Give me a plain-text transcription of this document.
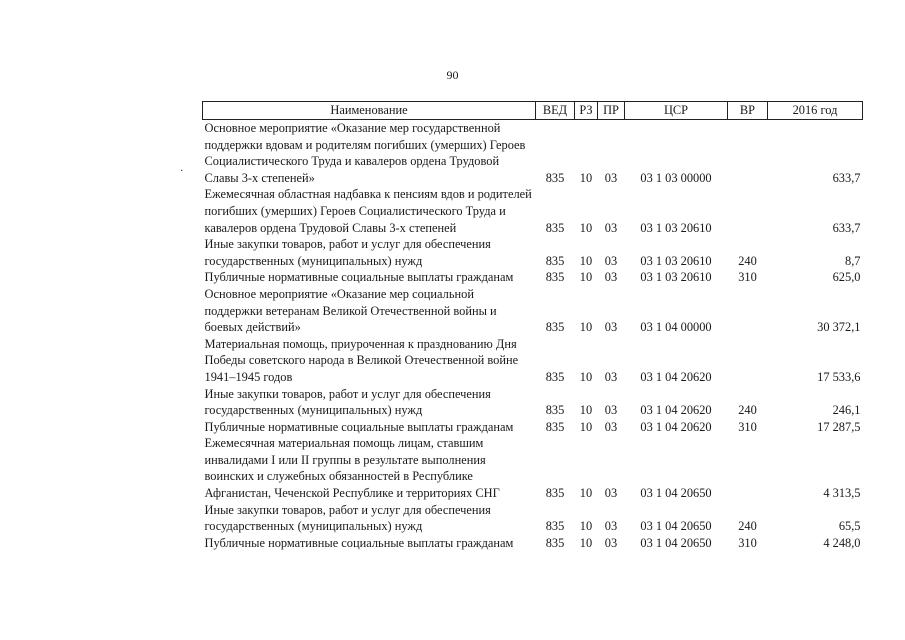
90
·
Наименование	ВЕД	РЗ	ПР	ЦСР	ВР	2016 год
Основное мероприятие «Оказание мер государственной поддержки вдовам и родителям погибших (умерших) Героев Социалистического Труда и кавалеров ордена Трудовой Славы 3-х степеней»	835	10	03	03 1 03 00000		633,7
Ежемесячная областная надбавка к пенсиям вдов и родителей погибших (умерших) Героев Социалистического Труда и кавалеров ордена Трудовой Славы 3-х степеней	835	10	03	03 1 03 20610		633,7
Иные закупки товаров, работ и услуг для обеспечения государственных (муниципальных) нужд	835	10	03	03 1 03 20610	240	8,7
Публичные нормативные социальные выплаты гражданам	835	10	03	03 1 03 20610	310	625,0
Основное мероприятие «Оказание мер социальной поддержки ветеранам Великой Отечественной войны и боевых действий»	835	10	03	03 1 04 00000		30 372,1
Материальная помощь, приуроченная к празднованию Дня Победы советского народа в Великой Отечественной войне 1941–1945 годов	835	10	03	03 1 04 20620		17 533,6
Иные закупки товаров, работ и услуг для обеспечения государственных (муниципальных) нужд	835	10	03	03 1 04 20620	240	246,1
Публичные нормативные социальные выплаты гражданам	835	10	03	03 1 04 20620	310	17 287,5
Ежемесячная материальная помощь лицам, ставшим инвалидами I или II группы в результате выполнения воинских и служебных обязанностей в Республике Афганистан, Чеченской Республике и территориях СНГ	835	10	03	03 1 04 20650		4 313,5
Иные закупки товаров, работ и услуг для обеспечения государственных (муниципальных) нужд	835	10	03	03 1 04 20650	240	65,5
Публичные нормативные социальные выплаты гражданам	835	10	03	03 1 04 20650	310	4 248,0
